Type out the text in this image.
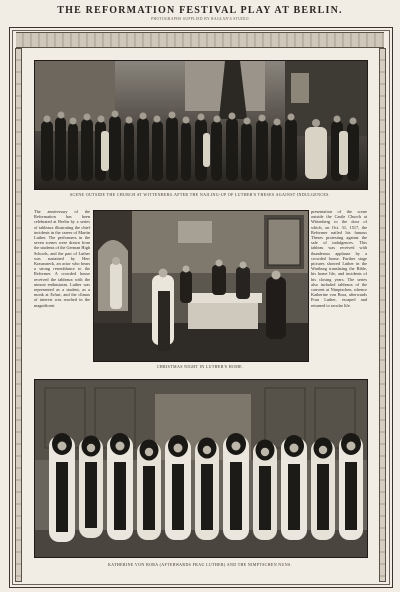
THE REFORMATION FESTIVAL PLAY AT BERLIN.
PHOTOGRAPHS SUPPLIED BY RAGLAN'S STUDIO
SCENE OUTSIDE THE CHURCH AT WITTENBERG AFTER THE NAILING-UP OF LUTHER'S THESES AGAINST INDULGENCES.
The anniversary of the Reformation has been celebrated at Berlin by a series of tableaux illustrating the chief incidents in the career of Martin Luther. The performers in the seven scenes were drawn from the students of the German High Schools, and the part of Luther was sustained by Herr Kraussneck, an actor who bears a strong resemblance to the Reformer. A crowded house received the tableaux with the utmost enthusiasm. Luther was represented as a student, as a monk at Erfurt, and the climax of interest was reached in the magnificent
CHRISTMAS NIGHT IN LUTHER'S HOME.
presentation of the scene outside the Castle Church at Wittenberg to the door of which, on Oct. 31, 1517, the Reformer nailed his famous Theses protesting against the sale of indulgences. This tableau was received with thunderous applause by a crowded house. Further stage pictures showed Luther in the Wartburg translating the Bible, his home life, and incidents of his closing years. The series also included tableaux of the convent at Nimptschen, whence Katherine von Bora, afterwards Frau Luther, escaped and returned to secular life.
KATHERINE VON BORA (AFTERWARDS FRAU LUTHER) AND THE NIMPTSCHEN NUNS.
